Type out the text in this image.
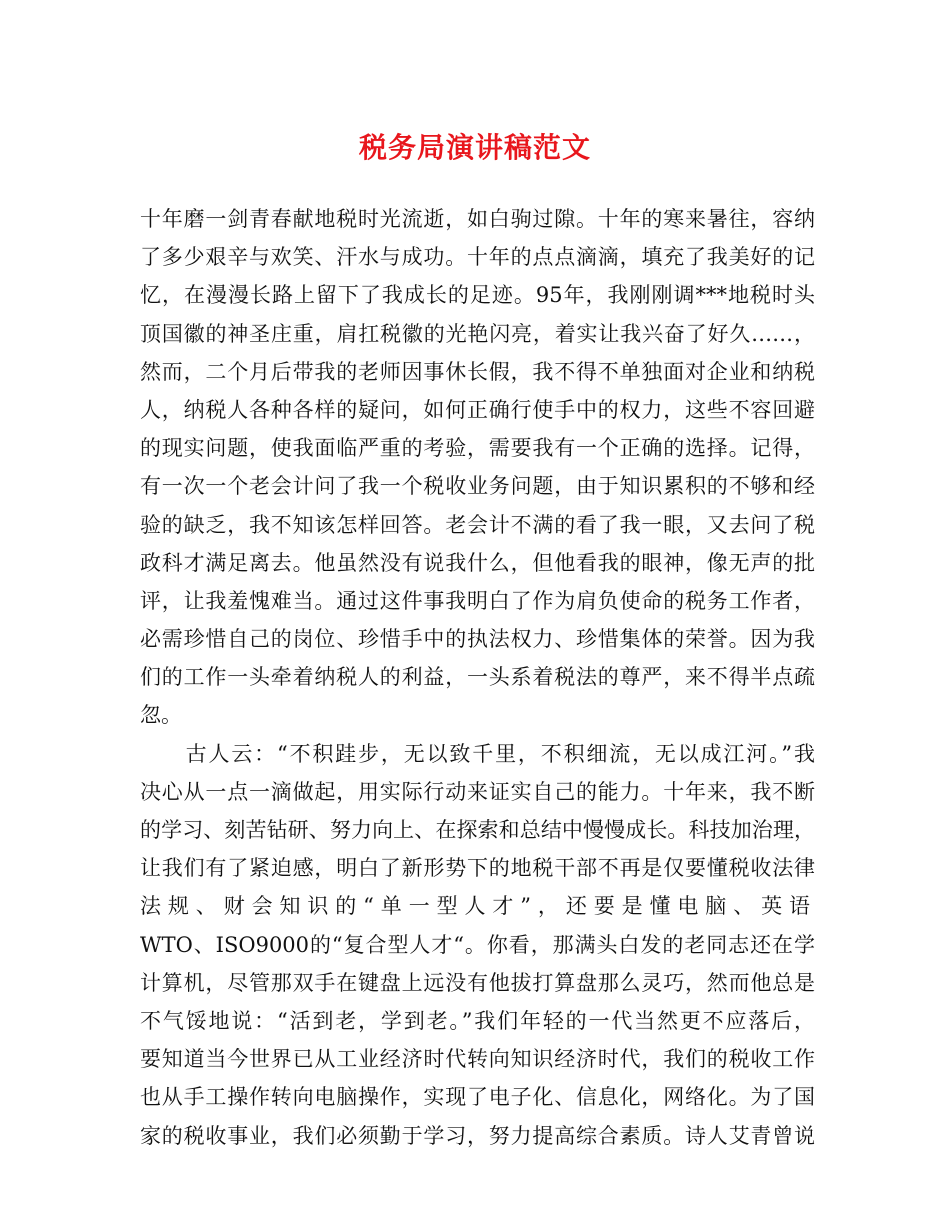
税务局演讲稿范文
十年磨一剑青春献地税时光流逝，如白驹过隙。十年的寒来暑往，容纳
了多少艰辛与欢笑、汗水与成功。十年的点点滴滴，填充了我美好的记
忆，在漫漫长路上留下了我成长的足迹。95年，我刚刚调***地税时头
顶国徽的神圣庄重，肩扛税徽的光艳闪亮，着实让我兴奋了好久……，
然而，二个月后带我的老师因事休长假，我不得不单独面对企业和纳税
人，纳税人各种各样的疑问，如何正确行使手中的权力，这些不容回避
的现实问题，使我面临严重的考验，需要我有一个正确的选择。记得，
有一次一个老会计问了我一个税收业务问题，由于知识累积的不够和经
验的缺乏，我不知该怎样回答。老会计不满的看了我一眼，又去问了税
政科才满足离去。他虽然没有说我什么，但他看我的眼神，像无声的批
评，让我羞愧难当。通过这件事我明白了作为肩负使命的税务工作者，
必需珍惜自己的岗位、珍惜手中的执法权力、珍惜集体的荣誉。因为我
们的工作一头牵着纳税人的利益，一头系着税法的尊严，来不得半点疏
忽。
　　古人云：“不积跬步，无以致千里，不积细流，无以成江河。”我
决心从一点一滴做起，用实际行动来证实自己的能力。十年来，我不断
的学习、刻苦钻研、努力向上、在探索和总结中慢慢成长。科技加治理，
让我们有了紧迫感，明白了新形势下的地税干部不再是仅要懂税收法律
法规、财会知识的“单一型人才”，还要是懂电脑、英语
WTO、ISO9000的“复合型人才“。你看，那满头白发的老同志还在学
计算机，尽管那双手在键盘上远没有他拔打算盘那么灵巧，然而他总是
不气馁地说：“活到老，学到老。”我们年轻的一代当然更不应落后，
要知道当今世界已从工业经济时代转向知识经济时代，我们的税收工作
也从手工操作转向电脑操作，实现了电子化、信息化，网络化。为了国
家的税收事业，我们必须勤于学习，努力提高综合素质。诗人艾青曾说
